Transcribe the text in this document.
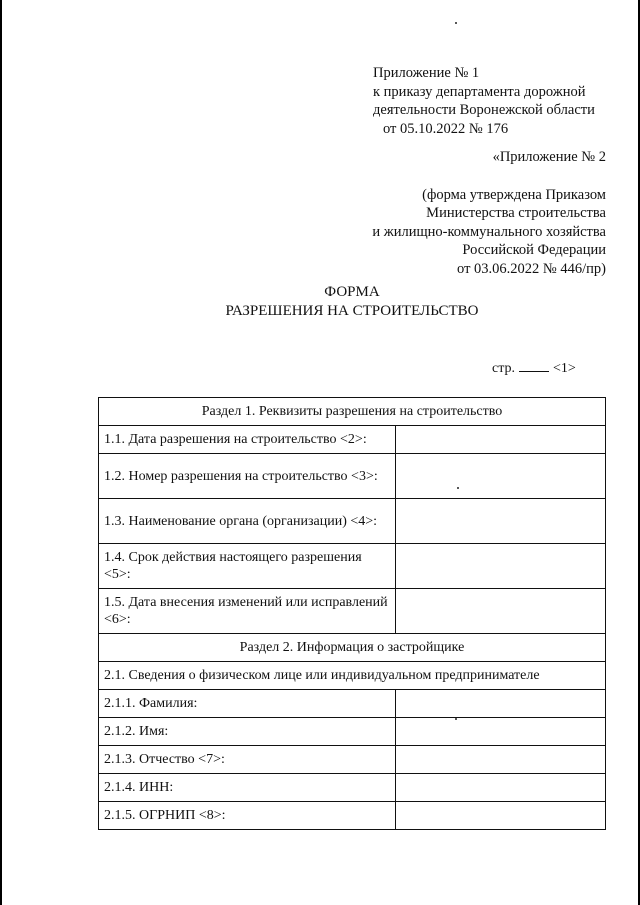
Приложение № 1
к приказу департамента дорожной
деятельности Воронежской области
от 05.10.2022 № 176
«Приложение № 2
(форма утверждена Приказом
Министерства строительства
и жилищно-коммунального хозяйства
Российской Федерации
от 03.06.2022 № 446/пр)
ФОРМА
РАЗРЕШЕНИЯ НА СТРОИТЕЛЬСТВО
стр.	<1>
Раздел 1. Реквизиты разрешения на строительство	
1.1. Дата разрешения на строительство <2>:	
1.2. Номер разрешения на строительство <3>:	
1.3. Наименование органа (организации) <4>:	
1.4. Срок действия настоящего разрешения <5>:	
1.5. Дата внесения изменений или исправлений <6>:	
Раздел 2. Информация о застройщике	
2.1. Сведения о физическом лице или индивидуальном предпринимателе	
2.1.1. Фамилия:	
2.1.2. Имя:	
2.1.3. Отчество <7>:	
2.1.4. ИНН:	
2.1.5. ОГРНИП <8>:	
